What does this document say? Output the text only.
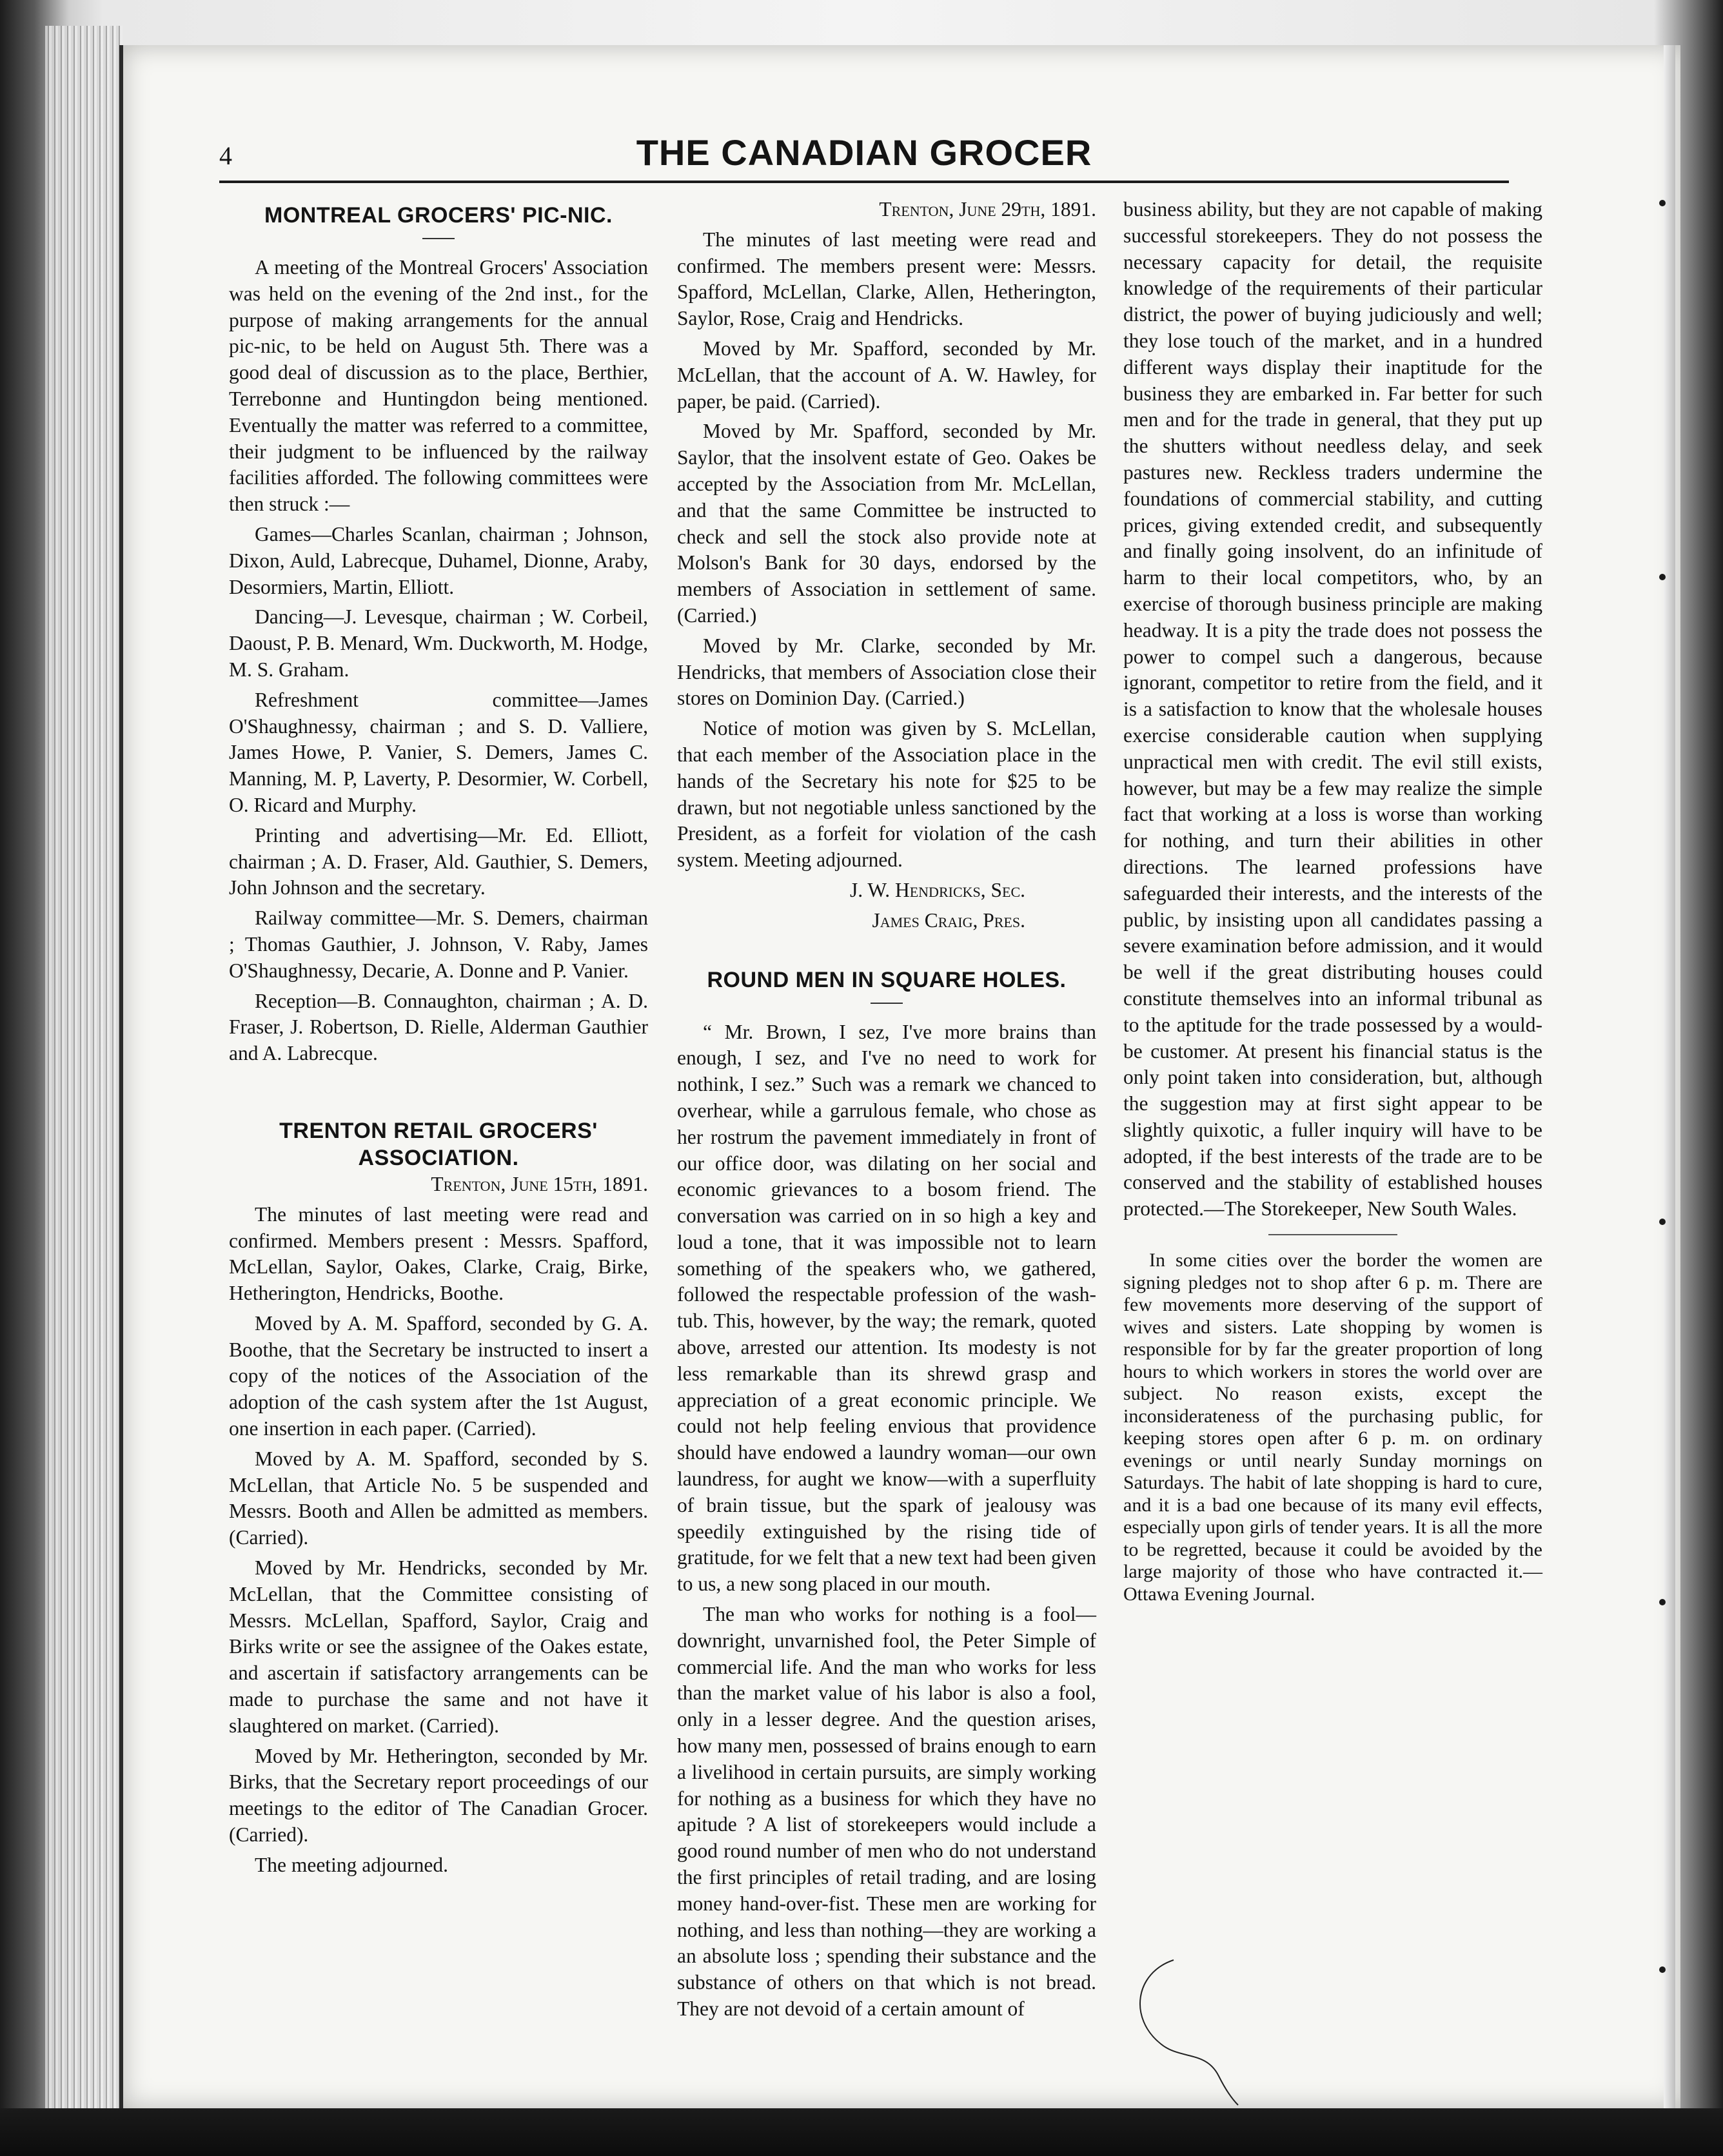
4	THE CANADIAN GROCER
MONTREAL GROCERS' PIC-NIC.

A meeting of the Montreal Grocers' Association was held on the evening of the 2nd inst., for the purpose of making arrangements for the annual pic-nic, to be held on August 5th. There was a good deal of discussion as to the place, Berthier, Terrebonne and Huntingdon being mentioned. Eventually the matter was referred to a committee, their judgment to be influenced by the railway facilities afforded. The following committees were then struck :—

Games—Charles Scanlan, chairman ; Johnson, Dixon, Auld, Labrecque, Duhamel, Dionne, Araby, Desormiers, Martin, Elliott.

Dancing—J. Levesque, chairman ; W. Corbeil, Daoust, P. B. Menard, Wm. Duckworth, M. Hodge, M. S. Graham.

Refreshment committee—James O'Shaughnessy, chairman ; and S. D. Valliere, James Howe, P. Vanier, S. Demers, James C. Manning, M. P, Laverty, P. Desormier, W. Corbell, O. Ricard and Murphy.

Printing and advertising—Mr. Ed. Elliott, chairman ; A. D. Fraser, Ald. Gauthier, S. Demers, John Johnson and the secretary.

Railway committee—Mr. S. Demers, chairman ; Thomas Gauthier, J. Johnson, V. Raby, James O'Shaughnessy, Decarie, A. Donne and P. Vanier.

Reception—B. Connaughton, chairman ; A. D. Fraser, J. Robertson, D. Rielle, Alderman Gauthier and A. Labrecque.

TRENTON RETAIL GROCERS' ASSOCIATION.

Trenton, June 15th, 1891.

The minutes of last meeting were read and confirmed. Members present : Messrs. Spafford, McLellan, Saylor, Oakes, Clarke, Craig, Birke, Hetherington, Hendricks, Boothe.

Moved by A. M. Spafford, seconded by G. A. Boothe, that the Secretary be instructed to insert a copy of the notices of the Association of the adoption of the cash system after the 1st August, one insertion in each paper. (Carried).

Moved by A. M. Spafford, seconded by S. McLellan, that Article No. 5 be suspended and Messrs. Booth and Allen be admitted as members. (Carried).

Moved by Mr. Hendricks, seconded by Mr. McLellan, that the Committee consisting of Messrs. McLellan, Spafford, Saylor, Craig and Birks write or see the assignee of the Oakes estate, and ascertain if satisfactory arrangements can be made to purchase the same and not have it slaughtered on market. (Carried).

Moved by Mr. Hetherington, seconded by Mr. Birks, that the Secretary report proceedings of our meetings to the editor of The Canadian Grocer. (Carried).

The meeting adjourned.

Trenton, June 29th, 1891.

The minutes of last meeting were read and confirmed. The members present were: Messrs. Spafford, McLellan, Clarke, Allen, Hetherington, Saylor, Rose, Craig and Hendricks.

Moved by Mr. Spafford, seconded by Mr. McLellan, that the account of A. W. Hawley, for paper, be paid. (Carried).

Moved by Mr. Spafford, seconded by Mr. Saylor, that the insolvent estate of Geo. Oakes be accepted by the Association from Mr. McLellan, and that the same Committee be instructed to check and sell the stock also provide note at Molson's Bank for 30 days, endorsed by the members of Association in settlement of same. (Carried.)

Moved by Mr. Clarke, seconded by Mr. Hendricks, that members of Association close their stores on Dominion Day. (Carried.)

Notice of motion was given by S. McLellan, that each member of the Association place in the hands of the Secretary his note for $25 to be drawn, but not negotiable unless sanctioned by the President, as a forfeit for violation of the cash system. Meeting adjourned.

J. W. Hendricks, Sec.

James Craig, Pres.

ROUND MEN IN SQUARE HOLES.

“ Mr. Brown, I sez, I've more brains than enough, I sez, and I've no need to work for nothink, I sez.” Such was a remark we chanced to overhear, while a garrulous female, who chose as her rostrum the pavement immediately in front of our office door, was dilating on her social and economic grievances to a bosom friend. The conversation was carried on in so high a key and loud a tone, that it was impossible not to learn something of the speakers who, we gathered, followed the respectable profession of the wash-tub. This, however, by the way; the remark, quoted above, arrested our attention. Its modesty is not less remarkable than its shrewd grasp and appreciation of a great economic principle. We could not help feeling envious that providence should have endowed a laundry woman—our own laundress, for aught we know—with a superfluity of brain tissue, but the spark of jealousy was speedily extinguished by the rising tide of gratitude, for we felt that a new text had been given to us, a new song placed in our mouth.

The man who works for nothing is a fool—downright, unvarnished fool, the Peter Simple of commercial life. And the man who works for less than the market value of his labor is also a fool, only in a lesser degree. And the question arises, how many men, possessed of brains enough to earn a livelihood in certain pursuits, are simply working for nothing as a business for which they have no apitude ? A list of storekeepers would include a good round number of men who do not understand the first principles of retail trading, and are losing money hand-over-fist. These men are working for nothing, and less than nothing—they are working a an absolute loss ; spending their substance and the substance of others on that which is not bread. They are not devoid of a certain amount of

business ability, but they are not capable of making successful storekeepers. They do not possess the necessary capacity for detail, the requisite knowledge of the requirements of their particular district, the power of buying judiciously and well; they lose touch of the market, and in a hundred different ways display their inaptitude for the business they are embarked in. Far better for such men and for the trade in general, that they put up the shutters without needless delay, and seek pastures new. Reckless traders undermine the foundations of commercial stability, and cutting prices, giving extended credit, and subsequently and finally going insolvent, do an infinitude of harm to their local competitors, who, by an exercise of thorough business principle are making headway. It is a pity the trade does not possess the power to compel such a dangerous, because ignorant, competitor to retire from the field, and it is a satisfaction to know that the wholesale houses exercise considerable caution when supplying unpractical men with credit. The evil still exists, however, but may be a few may realize the simple fact that working at a loss is worse than working for nothing, and turn their abilities in other directions. The learned professions have safeguarded their interests, and the interests of the public, by insisting upon all candidates passing a severe examination before admission, and it would be well if the great distributing houses could constitute themselves into an informal tribunal as to the aptitude for the trade possessed by a would-be customer. At present his financial status is the only point taken into consideration, but, although the suggestion may at first sight appear to be slightly quixotic, a fuller inquiry will have to be adopted, if the best interests of the trade are to be conserved and the stability of established houses protected.—The Storekeeper, New South Wales.

In some cities over the border the women are signing pledges not to shop after 6 p. m. There are few movements more deserving of the support of wives and sisters. Late shopping by women is responsible for by far the greater proportion of long hours to which workers in stores the world over are subject. No reason exists, except the inconsiderateness of the purchasing public, for keeping stores open after 6 p. m. on ordinary evenings or until nearly Sunday mornings on Saturdays. The habit of late shopping is hard to cure, and it is a bad one because of its many evil effects, especially upon girls of tender years. It is all the more to be regretted, because it could be avoided by the large majority of those who have contracted it.—Ottawa Evening Journal.
